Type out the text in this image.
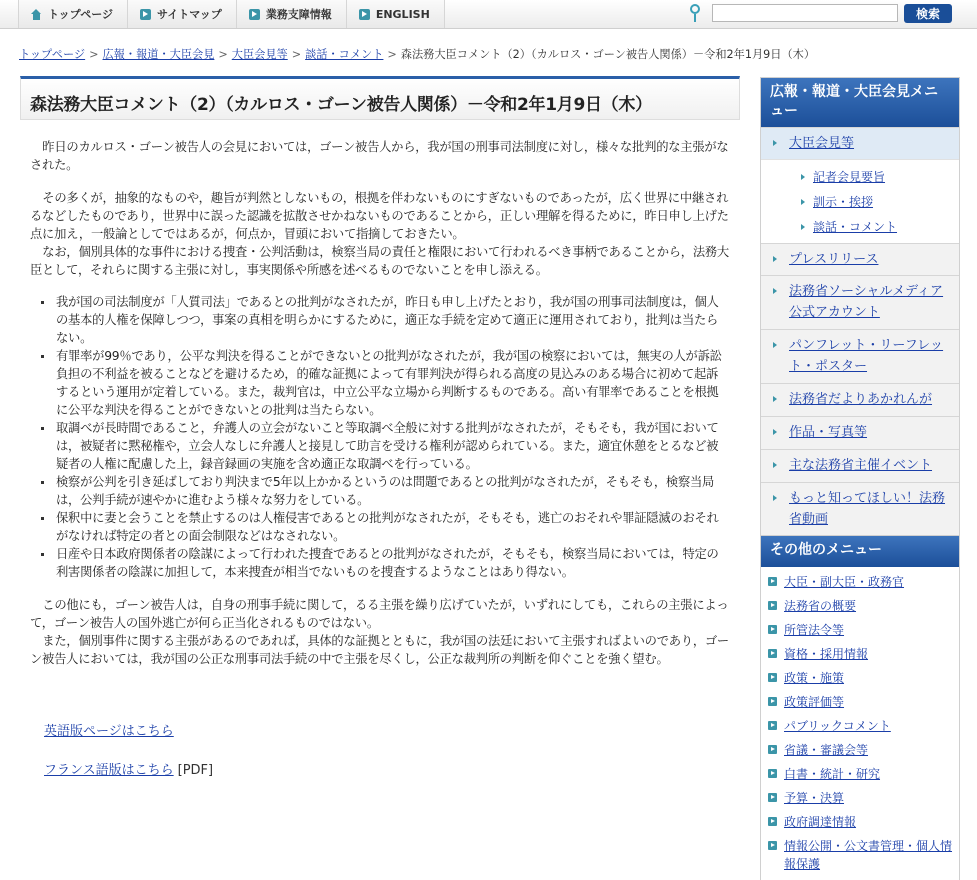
トップページ	サイトマップ	業務支障情報	ENGLISH	検索
トップページ > 広報・報道・大臣会見 > 大臣会見等 > 談話・コメント > 森法務大臣コメント（2）（カルロス・ゴーン被告人関係）－令和2年1月9日（木）
森法務大臣コメント（2）（カルロス・ゴーン被告人関係）－令和2年1月9日（木）

昨日のカルロス・ゴーン被告人の会見においては，ゴーン被告人から，我が国の刑事司法制度に対し，様々な批判的な主張がなされた。

その多くが，抽象的なものや，趣旨が判然としないもの，根拠を伴わないものにすぎないものであったが，広く世界に中継されるなどしたものであり，世界中に誤った認識を拡散させかねないものであることから，正しい理解を得るために，昨日申し上げた点に加え，一般論としてではあるが，何点か，冒頭において指摘しておきたい。

なお，個別具体的な事件における捜査・公判活動は，検察当局の責任と権限において行われるべき事柄であることから，法務大臣として，それらに関する主張に対し，事実関係や所感を述べるものでないことを申し添える。

我が国の司法制度が「人質司法」であるとの批判がなされたが，昨日も申し上げたとおり，我が国の刑事司法制度は，個人の基本的人権を保障しつつ，事案の真相を明らかにするために，適正な手続を定めて適正に運用されており，批判は当たらない。
有罪率が99％であり，公平な判決を得ることができないとの批判がなされたが，我が国の検察においては，無実の人が訴訟負担の不利益を被ることなどを避けるため，的確な証拠によって有罪判決が得られる高度の見込みのある場合に初めて起訴するという運用が定着している。また，裁判官は，中立公平な立場から判断するものである。高い有罪率であることを根拠に公平な判決を得ることができないとの批判は当たらない。
取調べが長時間であること，弁護人の立会がないこと等取調べ全般に対する批判がなされたが，そもそも，我が国においては，被疑者に黙秘権や，立会人なしに弁護人と接見して助言を受ける権利が認められている。また，適宜休憩をとるなど被疑者の人権に配慮した上，録音録画の実施を含め適正な取調べを行っている。
検察が公判を引き延ばしており判決まで5年以上かかるというのは問題であるとの批判がなされたが，そもそも，検察当局は，公判手続が速やかに進むよう様々な努力をしている。
保釈中に妻と会うことを禁止するのは人権侵害であるとの批判がなされたが，そもそも，逃亡のおそれや罪証隠滅のおそれがなければ特定の者との面会制限などはなされない。
日産や日本政府関係者の陰謀によって行われた捜査であるとの批判がなされたが，そもそも，検察当局においては，特定の利害関係者の陰謀に加担して，本来捜査が相当でないものを捜査するようなことはあり得ない。

この他にも，ゴーン被告人は，自身の刑事手続に関して，るる主張を繰り広げていたが，いずれにしても，これらの主張によって，ゴーン被告人の国外逃亡が何ら正当化されるものではない。

また，個別事件に関する主張があるのであれば，具体的な証拠とともに，我が国の法廷において主張すればよいのであり，ゴーン被告人においては，我が国の公正な刑事司法手続の中で主張を尽くし，公正な裁判所の判断を仰ぐことを強く望む。

英語版ページはこちら
フランス語版はこちら [PDF]
広報・報道・大臣会見メニュー
大臣会見等
記者会見要旨
訓示・挨拶
談話・コメント
プレスリリース
法務省ソーシャルメディア公式アカウント
パンフレット・リーフレット・ポスター
法務省だよりあかれんが
作品・写真等
主な法務省主催イベント
もっと知ってほしい！法務省動画
その他のメニュー
大臣・副大臣・政務官
法務省の概要
所管法令等
資格・採用情報
政策・施策
政策評価等
パブリックコメント
省議・審議会等
白書・統計・研究
予算・決算
政府調達情報
情報公開・公文書管理・個人情報保護
